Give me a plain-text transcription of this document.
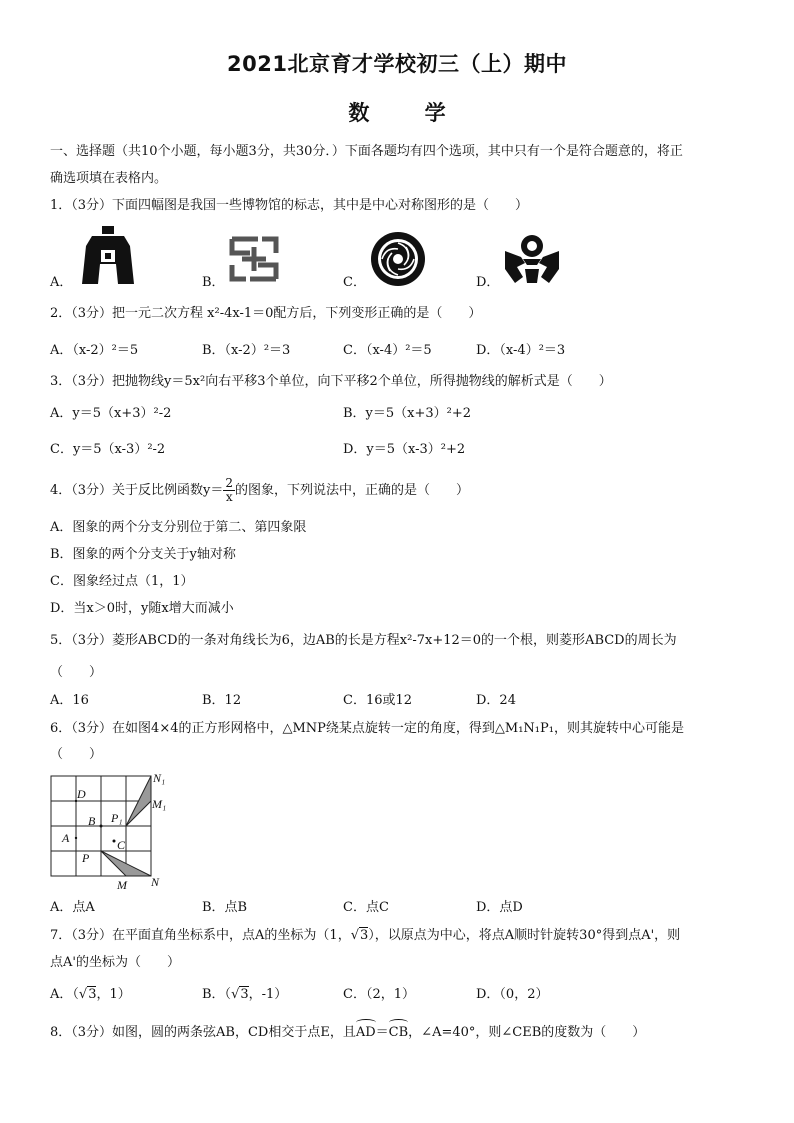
2021北京育才学校初三（上）期中
数 学
一、选择题（共10个小题，每小题3分，共30分．）下面各题均有四个选项，其中只有一个是符合题意的，将正
确选项填在表格内。
1．（3分）下面四幅图是我国一些博物馆的标志，其中是中心对称图形的是（　　）
A．	B．	C．	D．
2．（3分）把一元二次方程 x²-4x-1＝0配方后，下列变形正确的是（　　）
A．（x-2）²＝5	B．（x-2）²＝3	C．（x-4）²＝5	D．（x-4）²＝3
3．（3分）把抛物线y＝5x²向右平移3个单位，向下平移2个单位，所得抛物线的解析式是（　　）
A．y＝5（x+3）²-2	B．y＝5（x+3）²+2
C．y＝5（x-3）²-2	D．y＝5（x-3）²+2
4．（3分）关于反比例函数$y= \frac{2}{x}$ 的图象，下列说法中，正确的是（　　）
A．图象的两个分支分别位于第二、第四象限
B．图象的两个分支关于y轴对称
C．图象经过点（1，1）
D．当x＞0时，y随x增大而减小
5．（3分）菱形ABCD的一条对角线长为6，边AB的长是方程x²-7x+12＝0的一个根，则菱形ABCD的周长为
（　　）
A．16	B．12	C．16或12	D．24
6．（3分）在如图4×4的正方形网格中，△MNP绕某点旋转一定的角度，得到△M₁N₁P₁，则其旋转中心可能是
（　　）
N₁
M₁
D
B P₁
A	C
P
M N
A．点A	B．点B	C．点C	D．点D
7．（3分）在平面直角坐标系中，点A的坐标为（1，√3），以原点为中心，将点A顺时针旋转30°得到点A'，则
点A'的坐标为（　　）
A．（√3，1）	B．（√3，-1）	C．（2，1）	D．（0，2）
8．（3分）如图，圆的两条弦AB，CD相交于点E，且AD＝CB，∠A=40°，则∠CEB的度数为（　　）
